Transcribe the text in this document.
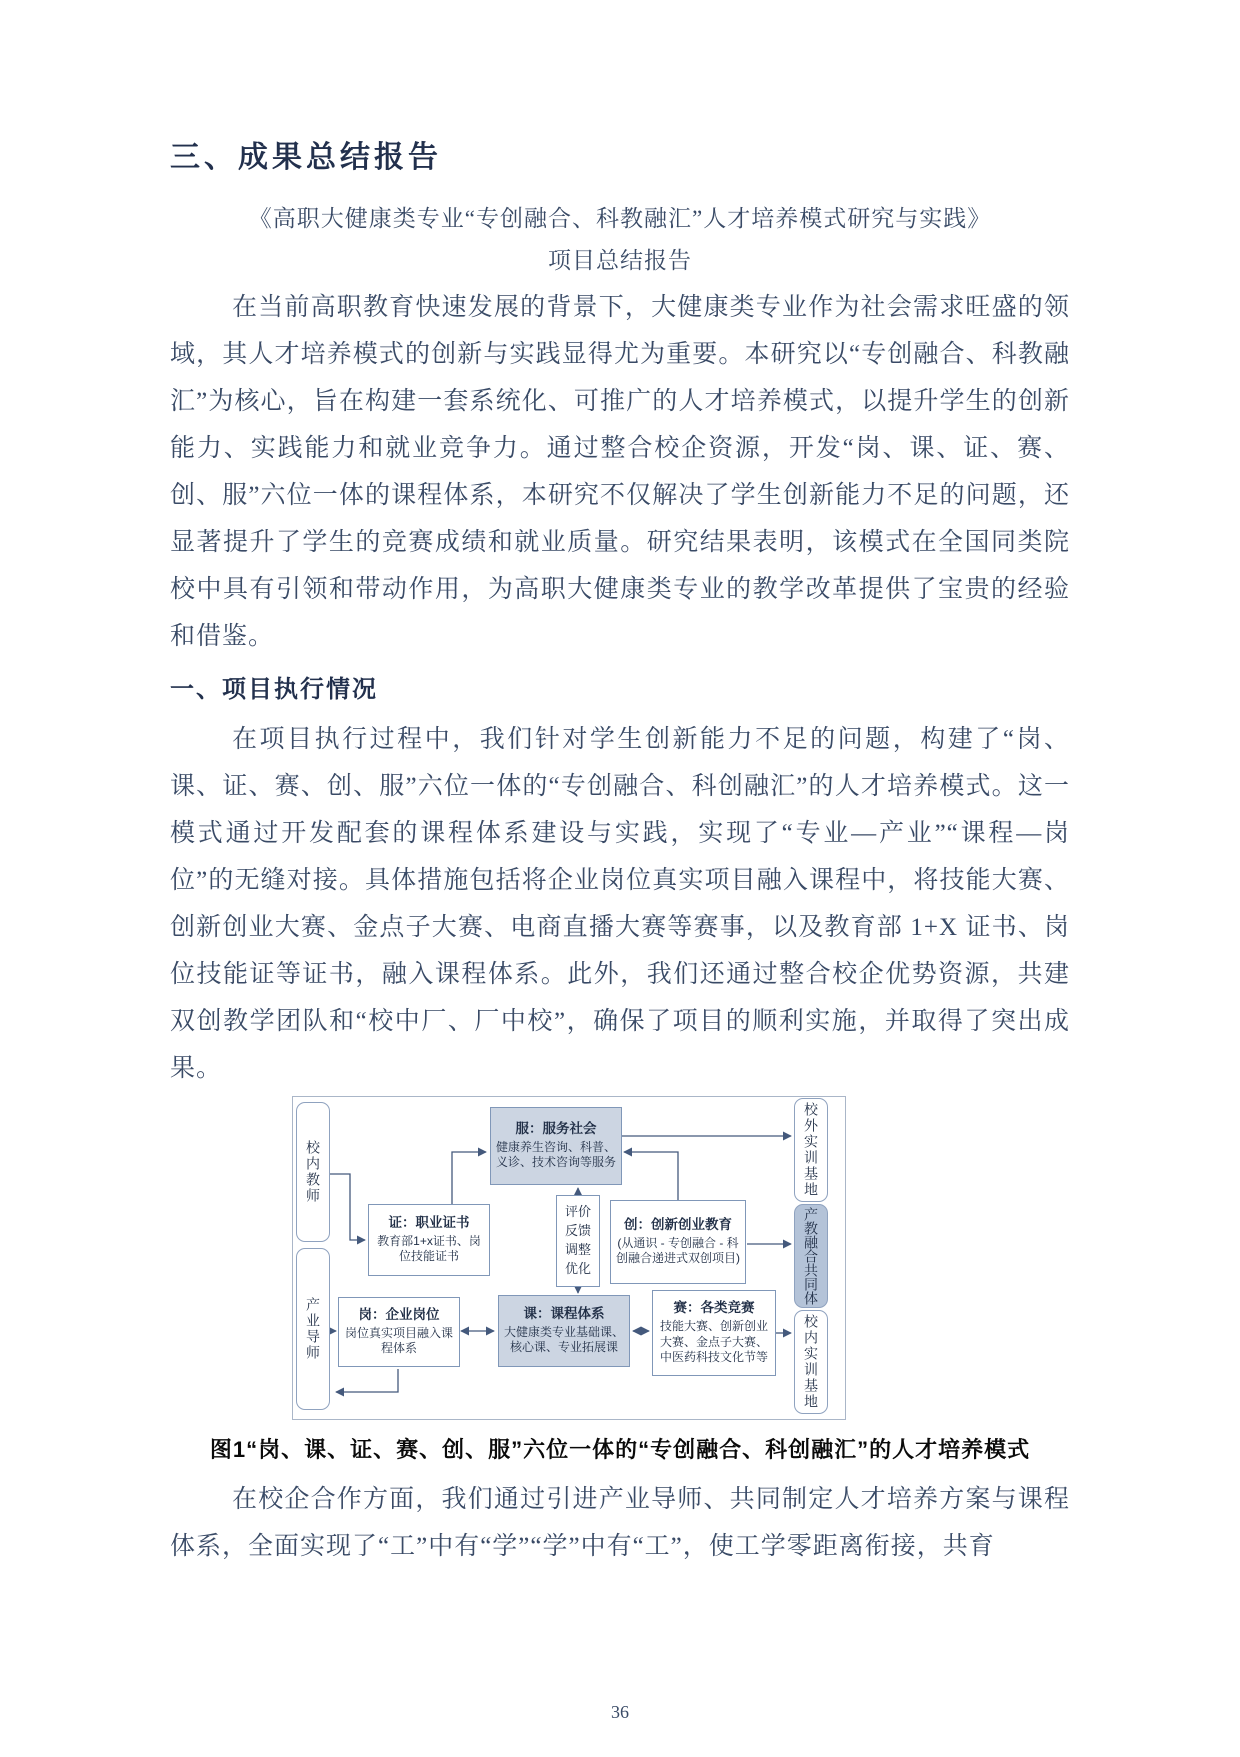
三、成果总结报告
《高职大健康类专业“专创融合、科教融汇”人才培养模式研究与实践》
项目总结报告

在当前高职教育快速发展的背景下，大健康类专业作为社会需求旺盛的领域，其人才培养模式的创新与实践显得尤为重要。本研究以“专创融合、科教融汇”为核心，旨在构建一套系统化、可推广的人才培养模式，以提升学生的创新能力、实践能力和就业竞争力。通过整合校企资源，开发“岗、课、证、赛、创、服”六位一体的课程体系，本研究不仅解决了学生创新能力不足的问题，还显著提升了学生的竞赛成绩和就业质量。研究结果表明，该模式在全国同类院校中具有引领和带动作用，为高职大健康类专业的教学改革提供了宝贵的经验和借鉴。

一、项目执行情况

在项目执行过程中，我们针对学生创新能力不足的问题，构建了“岗、课、证、赛、创、服”六位一体的“专创融合、科创融汇”的人才培养模式。这一模式通过开发配套的课程体系建设与实践，实现了“专业—产业”“课程—岗位”的无缝对接。具体措施包括将企业岗位真实项目融入课程中，将技能大赛、创新创业大赛、金点子大赛、电商直播大赛等赛事，以及教育部 1+X 证书、岗位技能证等证书，融入课程体系。此外，我们还通过整合校企优势资源，共建双创教学团队和“校中厂、厂中校”，确保了项目的顺利实施，并取得了突出成果。

校内教师
产业导师
服：服务社会
健康养生咨询、科普、义诊、技术咨询等服务
证：职业证书
教育部1+x证书、岗位技能证书
评价反馈调整优化
创：创新创业教育
(从通识 - 专创融合 - 科创融合递进式双创项目)
岗：企业岗位
岗位真实项目融入课程体系
课：课程体系
大健康类专业基础课、核心课、专业拓展课
赛：各类竞赛
技能大赛、创新创业大赛、金点子大赛、中医药科技文化节等
校外实训基地
产教融合共同体
校内实训基地
图1“岗、课、证、赛、创、服”六位一体的“专创融合、科创融汇”的人才培养模式

在校企合作方面，我们通过引进产业导师、共同制定人才培养方案与课程体系，全面实现了“工”中有“学”“学”中有“工”，使工学零距离衔接，共育

36
